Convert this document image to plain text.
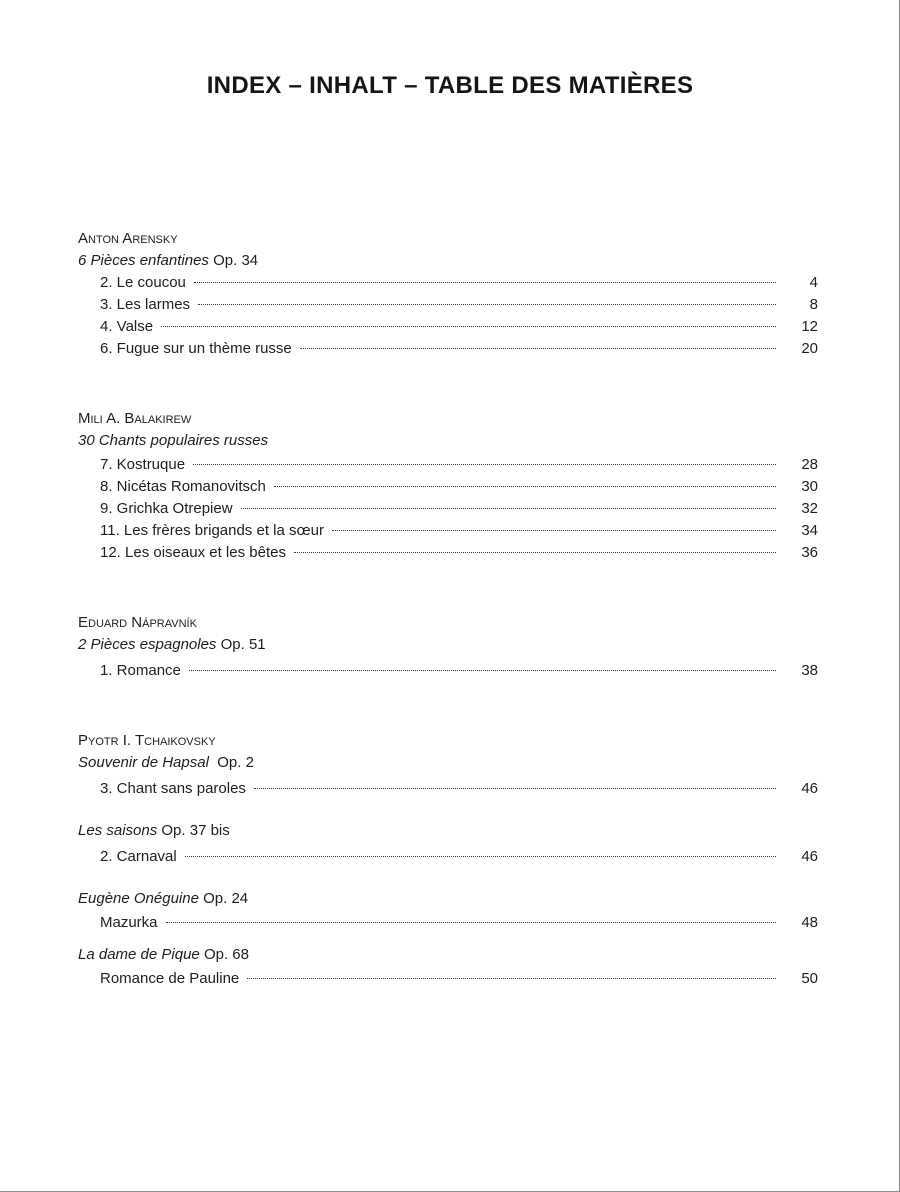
INDEX – INHALT – TABLE DES MATIÈRES
Anton Arensky
6 Pièces enfantines Op. 34
2. Le coucou	4
3. Les larmes	8
4. Valse	12
6. Fugue sur un thème russe	20
Mili A. Balakirew
30 Chants populaires russes
7. Kostruque	28
8. Nicétas Romanovitsch	30
9. Grichka Otrepiew	32
11. Les frères brigands et la sœur	34
12. Les oiseaux et les bêtes	36
Eduard Nápravník
2 Pièces espagnoles Op. 51
1. Romance	38
Pyotr I. Tchaikovsky
Souvenir de Hapsal Op. 2
3. Chant sans paroles	46
Les saisons Op. 37 bis
2. Carnaval	46
Eugène Onéguine Op. 24
Mazurka	48
La dame de Pique Op. 68
Romance de Pauline	50
